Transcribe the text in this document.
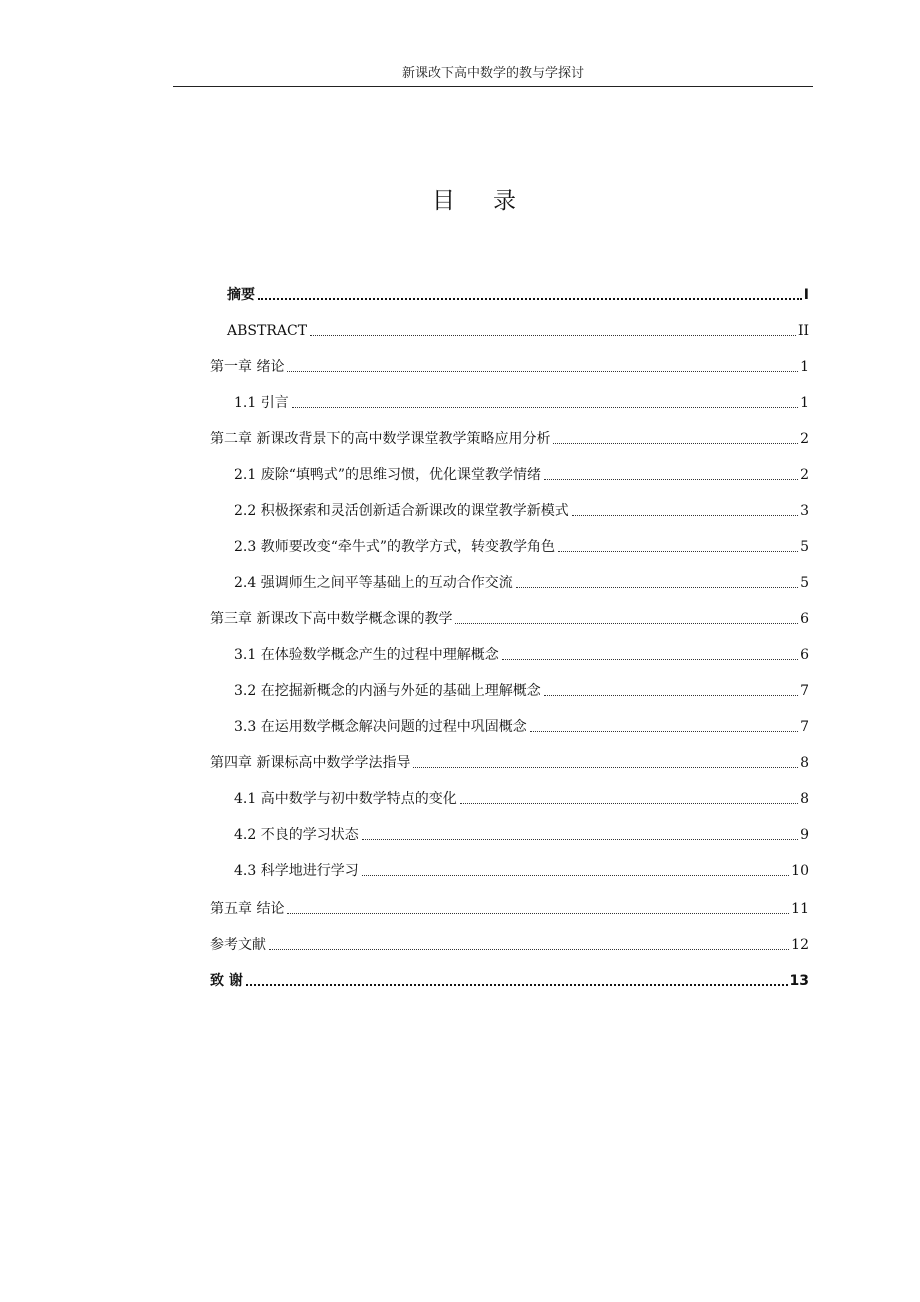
新课改下高中数学的教与学探讨
目录
摘要	I
ABSTRACT	II
第一章 绪论	1
1.1 引言	1
第二章 新课改背景下的高中数学课堂教学策略应用分析	2
2.1 废除“填鸭式”的思维习惯，优化课堂教学情绪	2
2.2 积极探索和灵活创新适合新课改的课堂教学新模式	3
2.3 教师要改变“牵牛式”的教学方式，转变教学角色	5
2.4 强调师生之间平等基础上的互动合作交流	5
第三章 新课改下高中数学概念课的教学	6
3.1 在体验数学概念产生的过程中理解概念	6
3.2 在挖掘新概念的内涵与外延的基础上理解概念	7
3.3 在运用数学概念解决问题的过程中巩固概念	7
第四章 新课标高中数学学法指导	8
4.1 高中数学与初中数学特点的变化	8
4.2 不良的学习状态	9
4.3 科学地进行学习	10
第五章 结论	11
参考文献	12
致 谢	13
